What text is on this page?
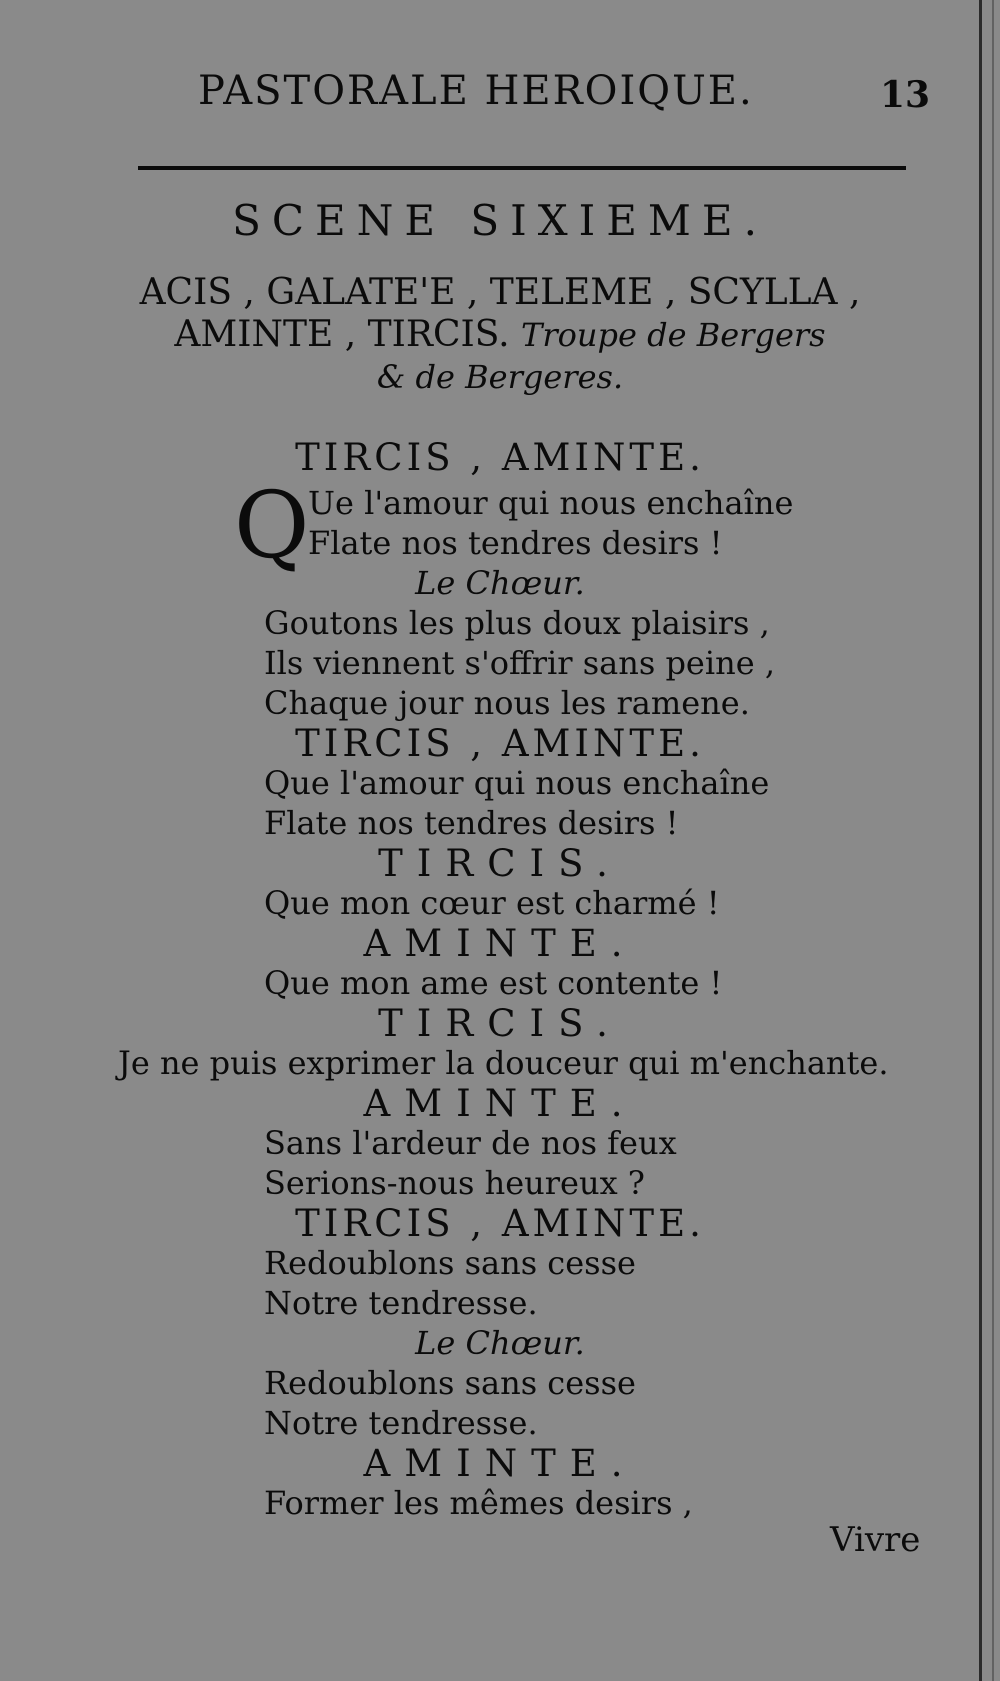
PASTORALE HEROIQUE.	13
SCENE SIXIEME.
ACIS , GALATE'E , TELEME , SCYLLA ,
AMINTE , TIRCIS. Troupe de Bergers
& de Bergeres.
TIRCIS , AMINTE.
Q
Ue l'amour qui nous enchaîne
Flate nos tendres desirs !
Le Chœur.
Goutons les plus doux plaisirs ,
Ils viennent s'offrir sans peine ,
Chaque jour nous les ramene.
TIRCIS , AMINTE.
Que l'amour qui nous enchaîne
Flate nos tendres desirs !
TIRCIS.
Que mon cœur est charmé !
AMINTE.
Que mon ame est contente !
TIRCIS.
Je ne puis exprimer la douceur qui m'enchante.
AMINTE.
Sans l'ardeur de nos feux
Serions-nous heureux ?
TIRCIS , AMINTE.
Redoublons sans cesse
Notre tendresse.
Le Chœur.
Redoublons sans cesse
Notre tendresse.
AMINTE.
Former les mêmes desirs ,
Vivre
